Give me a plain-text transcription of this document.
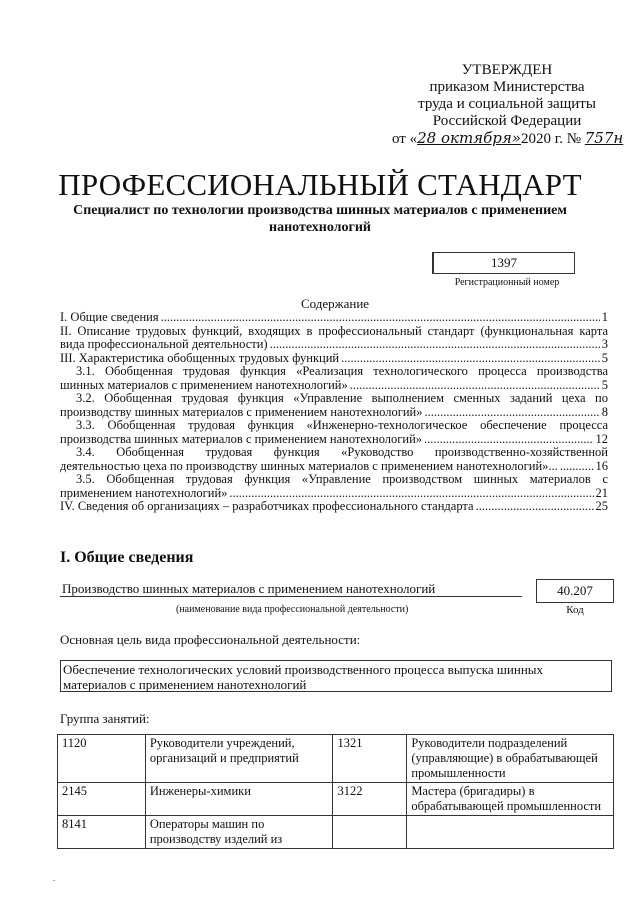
УТВЕРЖДЕН
приказом Министерства
труда и социальной защиты
Российской Федерации
от «28 октября»2020 г. № 757н
ПРОФЕССИОНАЛЬНЫЙ СТАНДАРТ
Специалист по технологии производства шинных материалов с применением нанотехнологий
1397
Регистрационный номер
Содержание
I. Общие сведения .....	1
II. Описание трудовых функций, входящих в профессиональный стандарт (функциональная карта
вида профессиональной деятельности) .....	3
III. Характеристика обобщенных трудовых функций .....	5
3.1. Обобщенная трудовая функция «Реализация технологического процесса производства
шинных материалов с применением нанотехнологий» .....	5
3.2. Обобщенная трудовая функция «Управление выполнением сменных заданий цеха по
производству шинных материалов с применением нанотехнологий» .....	8
3.3. Обобщенная трудовая функция «Инженерно-технологическое обеспечение процесса
производства шинных материалов с применением нанотехнологий» .....	12
3.4. Обобщенная трудовая функция «Руководство производственно-хозяйственной
деятельностью цеха по производству шинных материалов с применением нанотехнологий»... .....	16
3.5. Обобщенная трудовая функция «Управление производством шинных материалов с
применением нанотехнологий» .....	21
IV. Сведения об организациях – разработчиках профессионального стандарта .....	25
I. Общие сведения
Производство шинных материалов с применением нанотехнологий
(наименование вида профессиональной деятельности)
40.207
Код
Основная цель вида профессиональной деятельности:
Обеспечение технологических условий производственного процесса выпуска шинных материалов с применением нанотехнологий
Группа занятий:
1120	Руководители учреждений, организаций и предприятий	1321	Руководители подразделений (управляющие) в обрабатывающей промышленности
2145	Инженеры-химики	3122	Мастера (бригадиры) в обрабатывающей промышленности
8141	Операторы машин по производству изделий из		
.
